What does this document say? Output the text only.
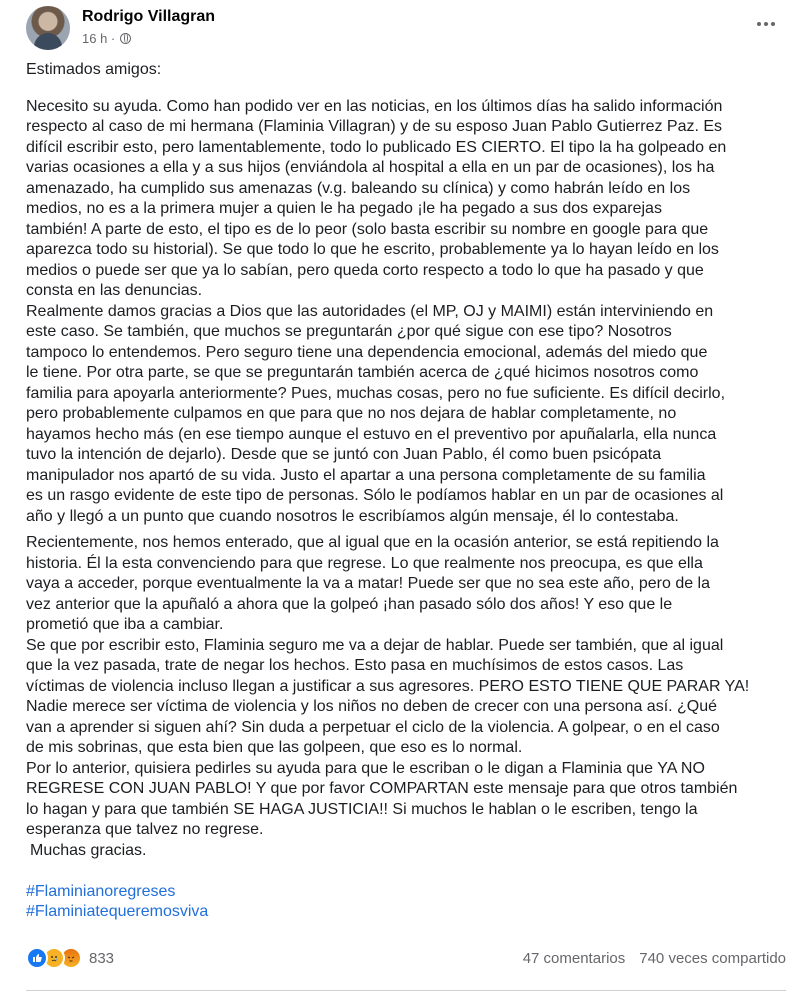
Rodrigo Villagran
16 h ·

Estimados amigos:

Necesito su ayuda. Como han podido ver en las noticias, en los últimos días ha salido información
respecto al caso de mi hermana (Flaminia Villagran) y de su esposo Juan Pablo Gutierrez Paz. Es
difícil escribir esto, pero lamentablemente, todo lo publicado ES CIERTO. El tipo la ha golpeado en
varias ocasiones a ella y a sus hijos (enviándola al hospital a ella en un par de ocasiones), los ha
amenazado, ha cumplido sus amenazas (v.g. baleando su clínica) y como habrán leído en los
medios, no es a la primera mujer a quien le ha pegado ¡le ha pegado a sus dos exparejas
también! A parte de esto, el tipo es de lo peor (solo basta escribir su nombre en google para que
aparezca todo su historial). Se que todo lo que he escrito, probablemente ya lo hayan leído en los
medios o puede ser que ya lo sabían, pero queda corto respecto a todo lo que ha pasado y que
consta en las denuncias.

Realmente damos gracias a Dios que las autoridades (el MP, OJ y MAIMI) están interviniendo en
este caso. Se también, que muchos se preguntarán ¿por qué sigue con ese tipo? Nosotros
tampoco lo entendemos. Pero seguro tiene una dependencia emocional, además del miedo que
le tiene. Por otra parte, se que se preguntarán también acerca de ¿qué hicimos nosotros como
familia para apoyarla anteriormente? Pues, muchas cosas, pero no fue suficiente. Es difícil decirlo,
pero probablemente culpamos en que para que no nos dejara de hablar completamente, no
hayamos hecho más (en ese tiempo aunque el estuvo en el preventivo por apuñalarla, ella nunca
tuvo la intención de dejarlo). Desde que se juntó con Juan Pablo, él como buen psicópata
manipulador nos apartó de su vida. Justo el apartar a una persona completamente de su familia
es un rasgo evidente de este tipo de personas. Sólo le podíamos hablar en un par de ocasiones al
año y llegó a un punto que cuando nosotros le escribíamos algún mensaje, él lo contestaba.

Recientemente, nos hemos enterado, que al igual que en la ocasión anterior, se está repitiendo la
historia. Él la esta convenciendo para que regrese. Lo que realmente nos preocupa, es que ella
vaya a acceder, porque eventualmente la va a matar! Puede ser que no sea este año, pero de la
vez anterior que la apuñaló a ahora que la golpeó ¡han pasado sólo dos años! Y eso que le
prometió que iba a cambiar.

Se que por escribir esto, Flaminia seguro me va a dejar de hablar. Puede ser también, que al igual
que la vez pasada, trate de negar los hechos. Esto pasa en muchísimos de estos casos. Las
víctimas de violencia incluso llegan a justificar a sus agresores. PERO ESTO TIENE QUE PARAR YA!
Nadie merece ser víctima de violencia y los niños no deben de crecer con una persona así. ¿Qué
van a aprender si siguen ahí? Sin duda a perpetuar el ciclo de la violencia. A golpear, o en el caso
de mis sobrinas, que esta bien que las golpeen, que eso es lo normal.

Por lo anterior, quisiera pedirles su ayuda para que le escriban o le digan a Flaminia que YA NO
REGRESE CON JUAN PABLO! Y que por favor COMPARTAN este mensaje para que otros también
lo hagan y para que también SE HAGA JUSTICIA!! Si muchos le hablan o le escriben, tengo la
esperanza que talvez no regrese.

Muchas gracias.

#Flaminianoregreses
#Flaminiatequeremosviva

833	47 comentarios 740 veces compartido
